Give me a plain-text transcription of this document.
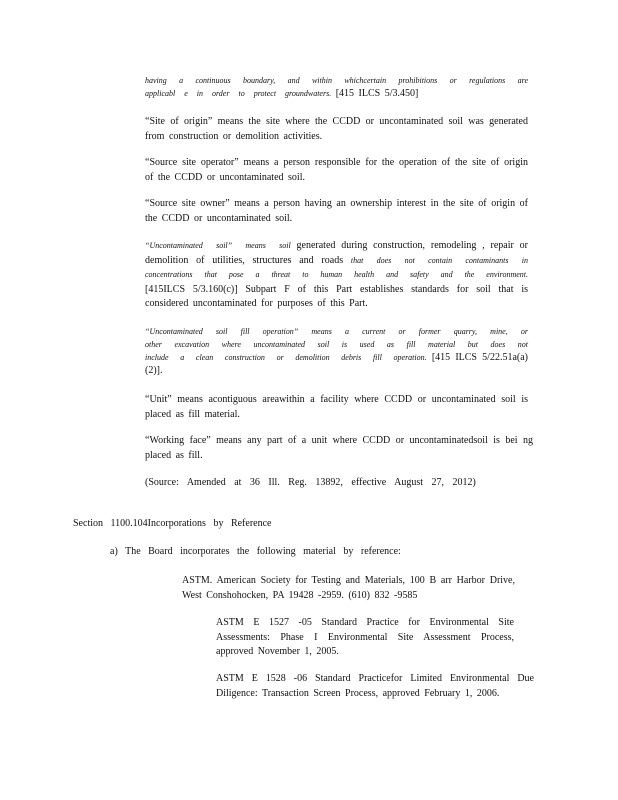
having a continuous boundary, and within whichcertain prohibitions or regulations are applicabl e in order to protect groundwaters. [415 ILCS 5/3.450]
“Site of origin” means the site where the CCDD or uncontaminated soil was generated from construction or demolition activities.
“Source site operator” means a person responsible for the operation of the site of origin of the CCDD or uncontaminated soil.
“Source site owner” means a person having an ownership interest in the site of origin of the CCDD or uncontaminated soil.
“Uncontaminated soil” means soil generated during construction, remodeling , repair or demolition of utilities, structures and roads that does not contain contaminants in concentrations that pose a threat to human health and safety and the environment. [415ILCS 5/3.160(c)] Subpart F of this Part establishes standards for soil that is considered uncontaminated for purposes of this Part.
“Uncontaminated soil fill operation” means a current or former quarry, mine, or other excavation where uncontaminated soil is used as fill material but does not include a clean construction or demolition debris fill operation. [415 ILCS 5/22.51a(a)(2)].
“Unit” means acontiguous areawithin a facility where CCDD or uncontaminated soil is placed as fill material.
“Working face” means any part of a unit where CCDD or uncontaminatedsoil is bei ng placed as fill.
(Source: Amended at 36 Ill. Reg. 13892, effective August 27, 2012)
Section 1100.104Incorporations by Reference
a) The Board incorporates the following material by reference:
ASTM. American Society for Testing and Materials, 100 B arr Harbor Drive, West Conshohocken, PA 19428 -2959. (610) 832 -9585
ASTM E 1527 -05 Standard Practice for Environmental Site Assessments: Phase I Environmental Site Assessment Process, approved November 1, 2005.
ASTM E 1528 -06 Standard Practicefor Limited Environmental Due Diligence: Transaction Screen Process, approved February 1, 2006.
